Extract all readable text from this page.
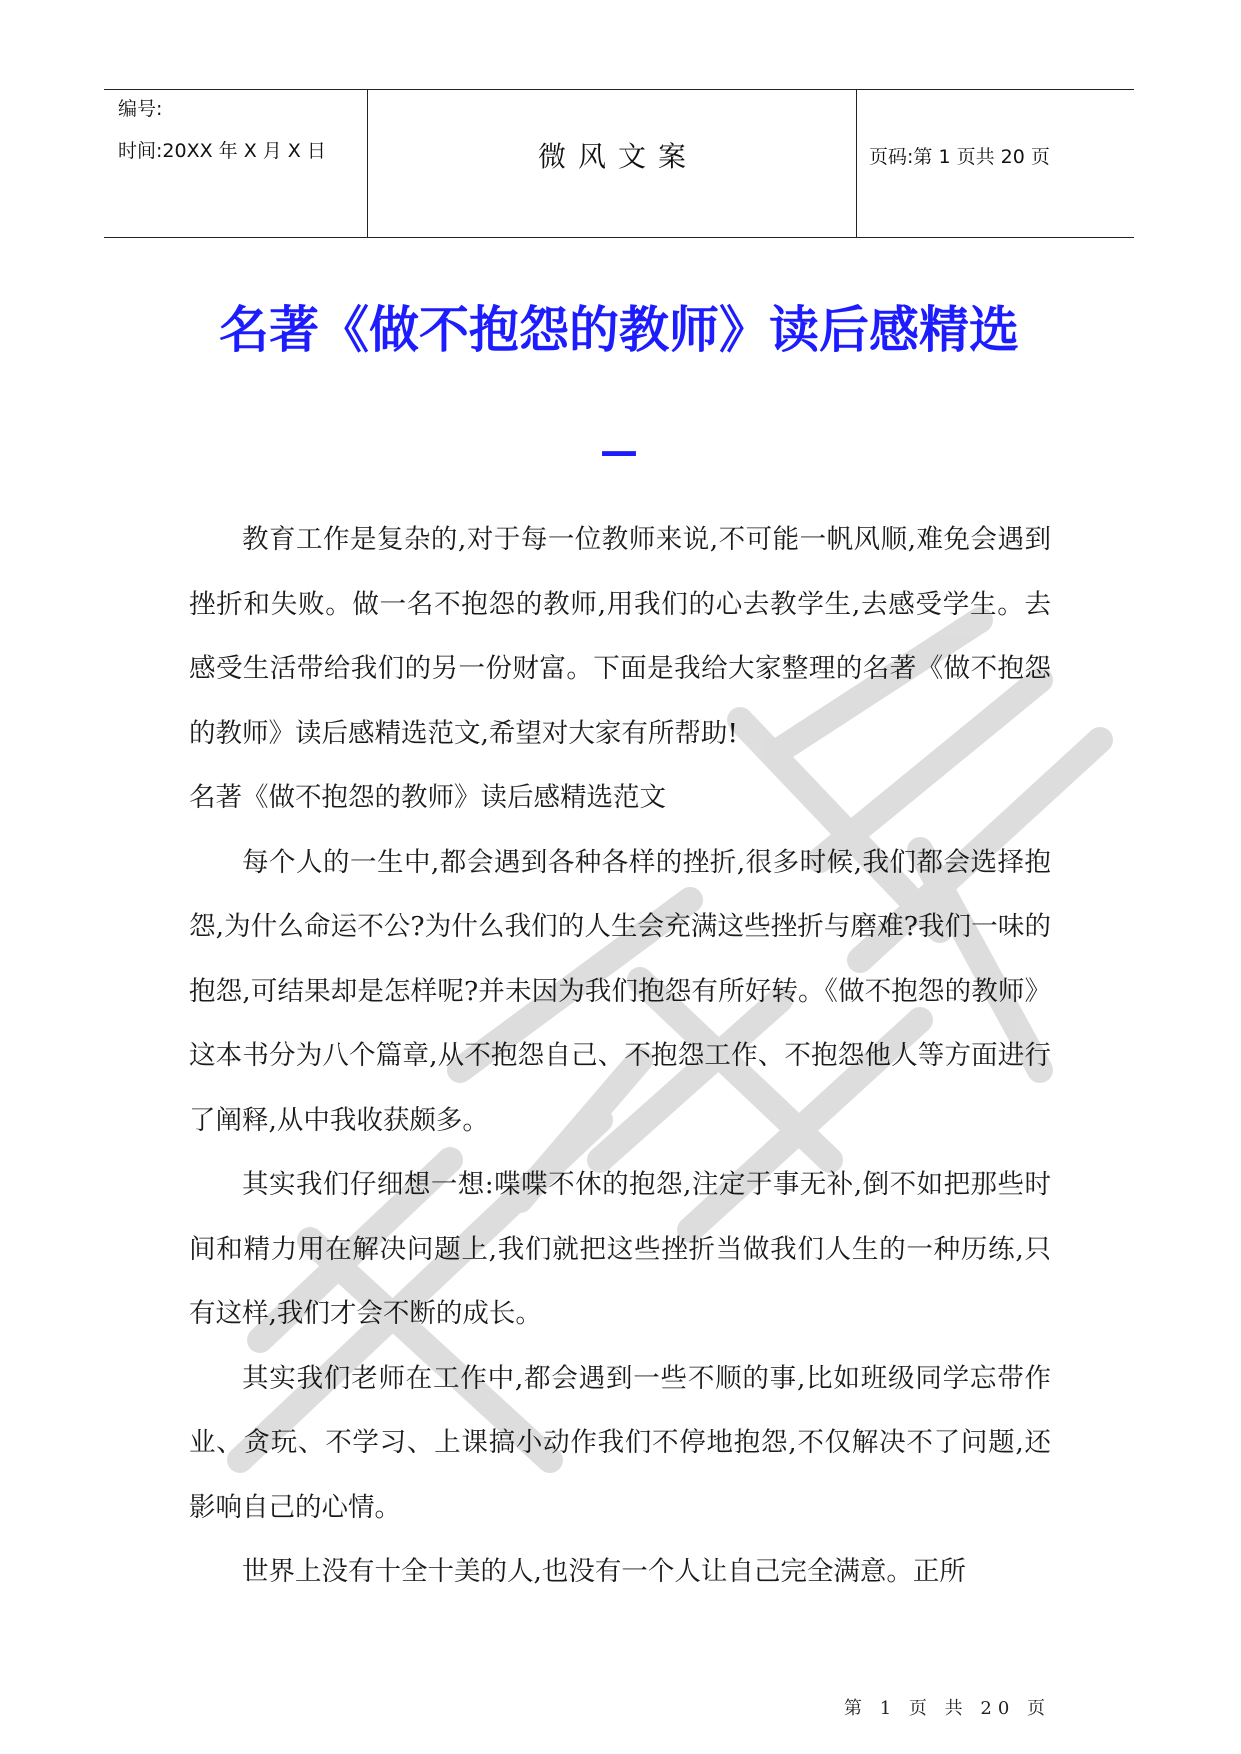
编号:
时间:20XX 年 X 月 X 日	微风文案	页码:第 1 页共 20 页
名著《做不抱怨的教师》读后感精选
—

教育工作是复杂的,对于每一位教师来说,不可能一帆风顺,难免会遇到挫折和失败。做一名不抱怨的教师,用我们的心去教学生,去感受学生。去感受生活带给我们的另一份财富。下面是我给大家整理的名著《做不抱怨的教师》读后感精选范文,希望对大家有所帮助!

名著《做不抱怨的教师》读后感精选范文

每个人的一生中,都会遇到各种各样的挫折,很多时候,我们都会选择抱怨,为什么命运不公?为什么我们的人生会充满这些挫折与磨难?我们一味的抱怨,可结果却是怎样呢?并未因为我们抱怨有所好转。《做不抱怨的教师》这本书分为八个篇章,从不抱怨自己、不抱怨工作、不抱怨他人等方面进行了阐释,从中我收获颇多。

其实我们仔细想一想:喋喋不休的抱怨,注定于事无补,倒不如把那些时间和精力用在解决问题上,我们就把这些挫折当做我们人生的一种历练,只有这样,我们才会不断的成长。

其实我们老师在工作中,都会遇到一些不顺的事,比如班级同学忘带作业、贪玩、不学习、上课搞小动作我们不停地抱怨,不仅解决不了问题,还影响自己的心情。

世界上没有十全十美的人,也没有一个人让自己完全满意。正所

第 1 页 共 20 页
